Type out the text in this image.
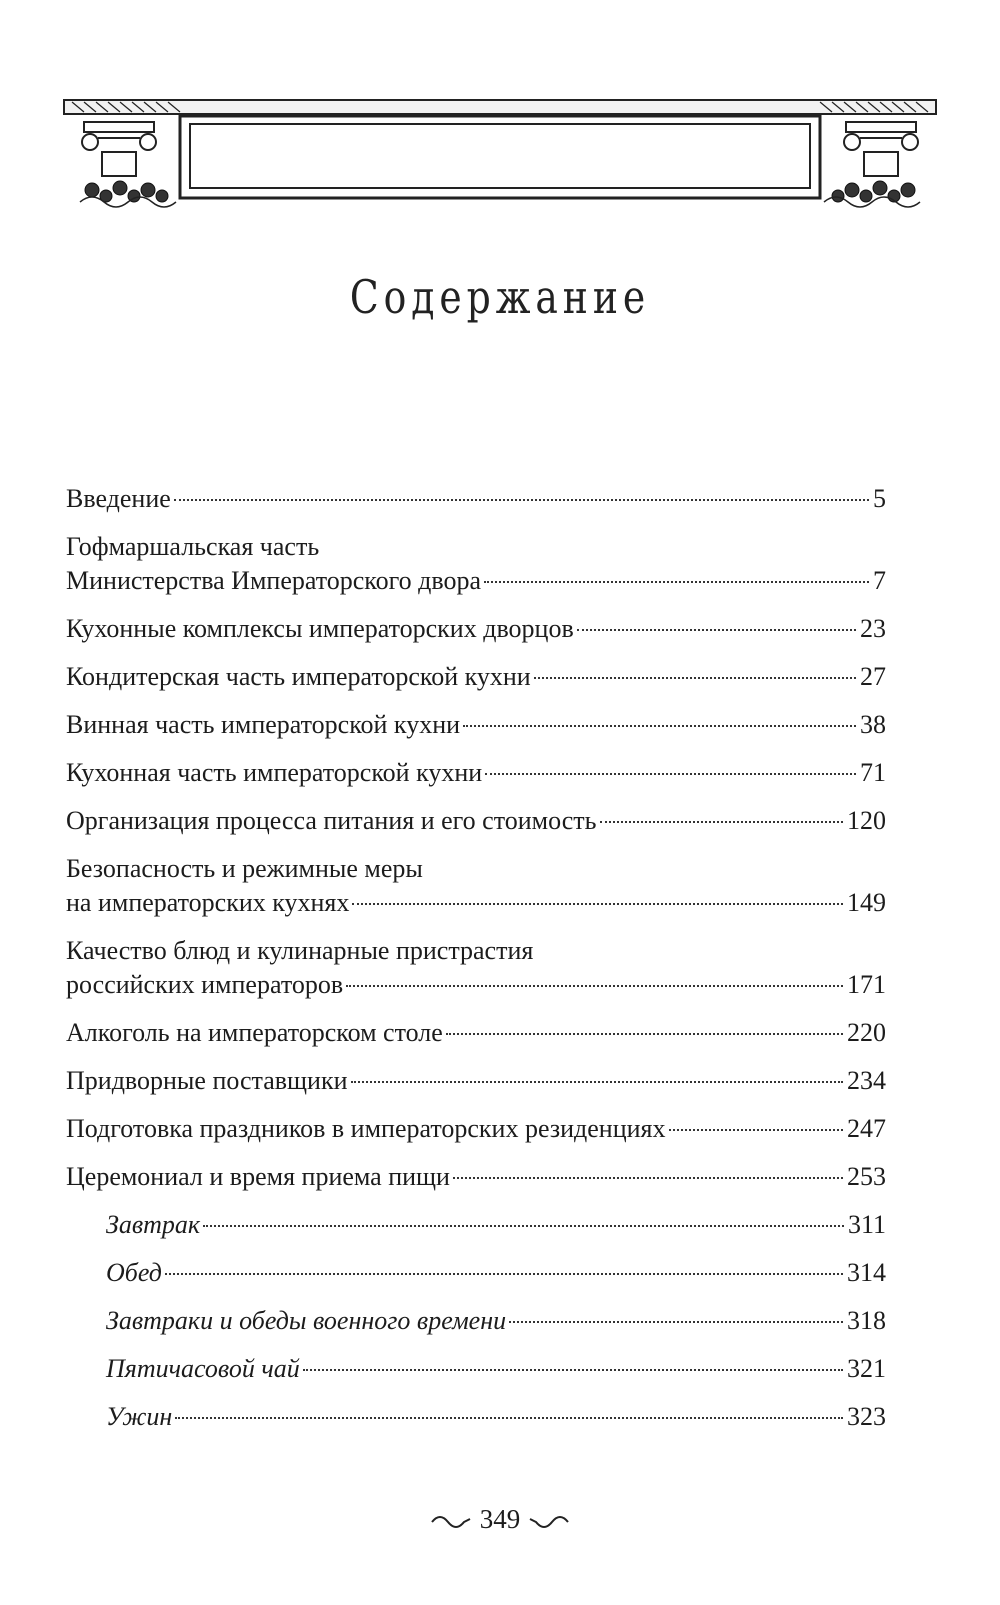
Содержание
Введение	5
Гофмаршальская часть
Министерства Императорского двора	7
Кухонные комплексы императорских дворцов	23
Кондитерская часть императорской кухни	27
Винная часть императорской кухни	38
Кухонная часть императорской кухни	71
Организация процесса питания и его стоимость	120
Безопасность и режимные меры
на императорских кухнях	149
Качество блюд и кулинарные пристрастия
российских императоров	171
Алкоголь на императорском столе	220
Придворные поставщики	234
Подготовка праздников в императорских резиденциях	247
Церемониал и время приема пищи	253
Завтрак	311
Обед	314
Завтраки и обеды военного времени	318
Пятичасовой чай	321
Ужин	323
349
